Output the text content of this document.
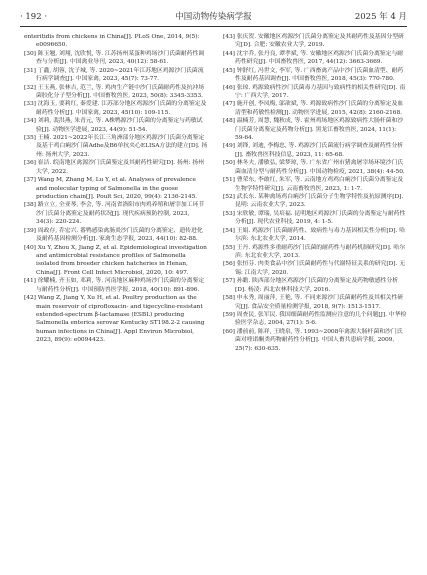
· 192 ·	中国动物传染病学报	2025 年 4 月

enteritidis from chickens in China[J]. PLoS One, 2014, 9(5): e0096650.

[30] 陈玉翘, 刘翔, 沈欣悦, 等. 江苏扬州某蛋种鸡场沙门氏菌耐药性调查与分析[J]. 中国禽业导刊, 2023, 40(12): 58-61.

[31] 丁鑫, 胡蓉, 沈子城, 等. 2020~2021年江苏地区鸡源沙门氏菌流行病学调查[J]. 中国家禽, 2023, 45(7): 73-77.

[32] 王玉燕, 张林吉, 范兰, 等. 鸡肉生产链中沙门氏菌耐药性及抗冲场菌胶化分子型分析[J]. 中国畜牧兽医, 2023, 50(8): 3345-3353.

[33] 沈海玉, 要莉红, 秦爱建. 江苏部分地区鸡源沙门氏菌的分离鉴定及耐药性分析[J]. 中国家禽, 2023, 45(10): 109-115.

[34] 刘莉, 裴洪燕, 朱青元, 等. A株鸭源沙门氏菌的分离鉴定与药敏试验[J]. 动物医学进展, 2023, 44(9): 51-54.

[35] 王楠. 2021~2022年长江三角洲部分地区鸡源沙门氏菌分离鉴定及基于鸡白痢沙门菌Adhe及B6单抗夹心ELISA方法的建立[D]. 扬州: 扬州大学, 2023.

[36] 崔洁. 皖南地区禽源沙门氏菌鉴定及其耐药性研究[D]. 扬州: 扬州大学, 2022.

[37] Wang M, Zhang M, Lu Y, et al. Analyses of prevalence and molecular typing of Salmonella in the goose production chain[J]. Poult Sci, 2020, 99(4): 2136-2145.

[38] 路立立, 全亚琴, 李会, 等. 河南省洛阳市肉鸡养殖和屠宰加工环节沙门氏菌分离鉴定及耐药状况[J]. 现代疾病预防控制, 2023, 34(3): 220-224.

[39] 周政存, 乔宏兴. 番鸭感染禽肠炎沙门氏菌的分离鉴定、遗传进化及耐药基因检测分析[J]. 家禽生态学报, 2023, 44(10): 82-88.

[40] Xu Y, Zhou X, Jiang Z, et al. Epidemiological investigation and antimicrobial resistance profiles of Salmonella isolated from breeder chicken hatcheries in Henan, China[J]. Front Cell Infect Microbiol, 2020, 10: 497.

[41] 徐耀楠, 齐玉如, 邓莉, 等. 河南地区麻种鸡场沙门氏菌的分离鉴定与耐药性分析[J]. 中国预防兽医学报, 2018, 40(10): 891-896.

[42] Wang Z, Jiang Y, Xu H, et al. Poultry production as the main reservoir of ciprofloxacin- and tigecycline-resistant extended-spectrum β-lactamase (ESBL) producing Salmonella enterica serovar Kentucky ST198.2-2 causing human infections in China[J]. Appl Environ Microbiol, 2023, 89(9): e0094423.

[43] 张庆贺. 安徽地区鸡源沙门氏菌分离鉴定及其耐药性及基因分型研究[D]. 合肥: 安徽农业大学, 2019.

[44] 沈宇乔, 张丹良, 谭孝斌, 等. 安徽地区鸡源沙门氏菌分离鉴定与耐药性研究[J]. 中国畜牧兽医, 2017, 44(12): 3663-3669.

[45] 钟舒红, 冯世文, 李军, 等. 广西畜禽产品中沙门氏菌血清型、耐药性及耐药基因调查[J]. 中国畜牧兽医, 2018, 45(3): 770-780.

[46] 张琼. 鸡源致病性沙门氏菌毒力基因与致病性的相关性研究[D]. 南宁: 广西大学, 2017.

[47] 施开创, 李凤梅, 邬歆斌, 等. 鸡源致病性沙门氏菌的分离鉴定及血清型和药敏性检测[J]. 动物医学进展, 2015, 42(8): 2160-2168.

[48] 温楠芳, 周慧, 魏秋成, 等. 霍州鸡场地区鸡源致病性大肠杆菌和沙门氏菌分离鉴定及药物分析[J]. 黑龙江畜牧兽医, 2024, 11(1): 59-64.

[49] 刘锋, 刘迪, 李梅忠, 等. 鸡源沙门氏菌流行病学调查及耐药性分析[J]. 畜牧兽医科技信息, 2023, 11: 65-68.

[50] 林冬夫, 潘敏弘, 梁梦琼, 等. 广东省广州市猪禽屠宰场环境沙门氏菌血清分型与耐药性分析[J]. 中国动物检疫, 2021, 38(4): 44-50.

[51] 曹荣东, 李敢红, 朱军, 等. 云南地方鸡鸡白痢沙门氏菌分离鉴定及生物学特性研究[J]. 云南畜牧兽医, 2023, 1: 1-7.

[52] 武长东. 某种禽场鸡白痢沙门氏菌分子生物学特性及抗原测序[D]. 昆明: 云南农业大学, 2023.

[53] 宋欣敏, 谭瑞, 吴培福. 昆明地区鸡源沙门氏菌的分离鉴定与耐药性分析[J]. 现代农业科技, 2019, 4: 1-5.

[54] 王娟. 鸡源沙门氏菌耐药性、致病性与毒力基因相关性分析[D]. 哈尔滨: 东北农业大学, 2014.

[55] 王丹. 鸡源性多重耐药沙门氏菌的耐药性与耐药机制研究[D]. 哈尔滨: 东北农业大学, 2013.

[56] 张恒芬. 肉类食品中沙门氏菌耐药性与代谢特征关系的研究[D]. 无锡: 江南大学, 2020.

[57] 孙瞻. 陕西部分地区鸡源沙门氏菌的分离鉴定及药物敏感性分析[D]. 杨凌: 西北农林科技大学, 2016.

[58] 申永秀, 周丽萍, 王艳, 等. 不同来源沙门氏菌耐药性及其相关性研究[J]. 食品安全质量检测学报, 2018, 9(7): 1513-1517.

[59] 周查民, 张军民. 我国细菌耐药性监测应注意的几个问题[J]. 中华检验医学杂志, 2004, 27(1): 5-6.

[60] 潘前前, 陈祥, 王晓泉, 等. 1993~2008年禽源大肠杆菌和沙门氏菌对喹诺酮类药物耐药性分析[J]. 中国人畜共患病学报, 2009, 25(7): 630-635.
